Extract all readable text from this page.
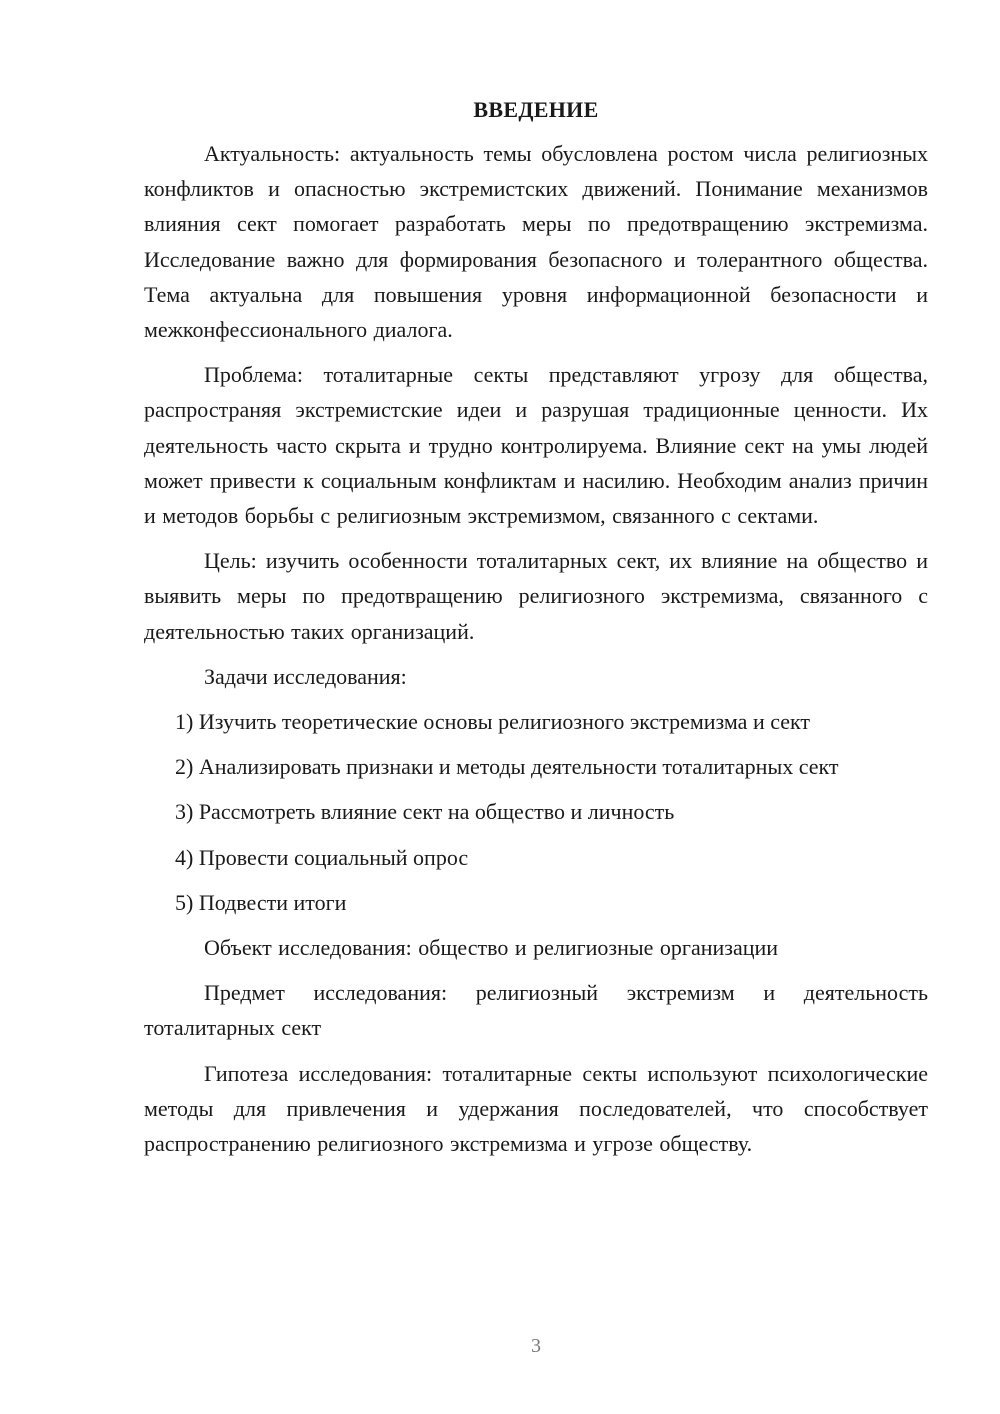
ВВЕДЕНИЕ

Актуальность: актуальность темы обусловлена ростом числа религиозных конфликтов и опасностью экстремистских движений. Понимание механизмов влияния сект помогает разработать меры по предотвращению экстремизма. Исследование важно для формирования безопасного и толерантного общества. Тема актуальна для повышения уровня информационной безопасности и межконфессионального диалога.

Проблема: тоталитарные секты представляют угрозу для общества, распространяя экстремистские идеи и разрушая традиционные ценности. Их деятельность часто скрыта и трудно контролируема. Влияние сект на умы людей может привести к социальным конфликтам и насилию. Необходим анализ причин и методов борьбы с религиозным экстремизмом, связанного с сектами.

Цель: изучить особенности тоталитарных сект, их влияние на общество и выявить меры по предотвращению религиозного экстремизма, связанного с деятельностью таких организаций.

Задачи исследования:

1) Изучить теоретические основы религиозного экстремизма и сект
2) Анализировать признаки и методы деятельности тоталитарных сект
3) Рассмотреть влияние сект на общество и личность
4) Провести социальный опрос
5) Подвести итоги

Объект исследования: общество и религиозные организации

Предмет исследования: религиозный экстремизм и деятельность тоталитарных сект

Гипотеза исследования: тоталитарные секты используют психологические методы для привлечения и удержания последователей, что способствует распространению религиозного экстремизма и угрозе обществу.

3
